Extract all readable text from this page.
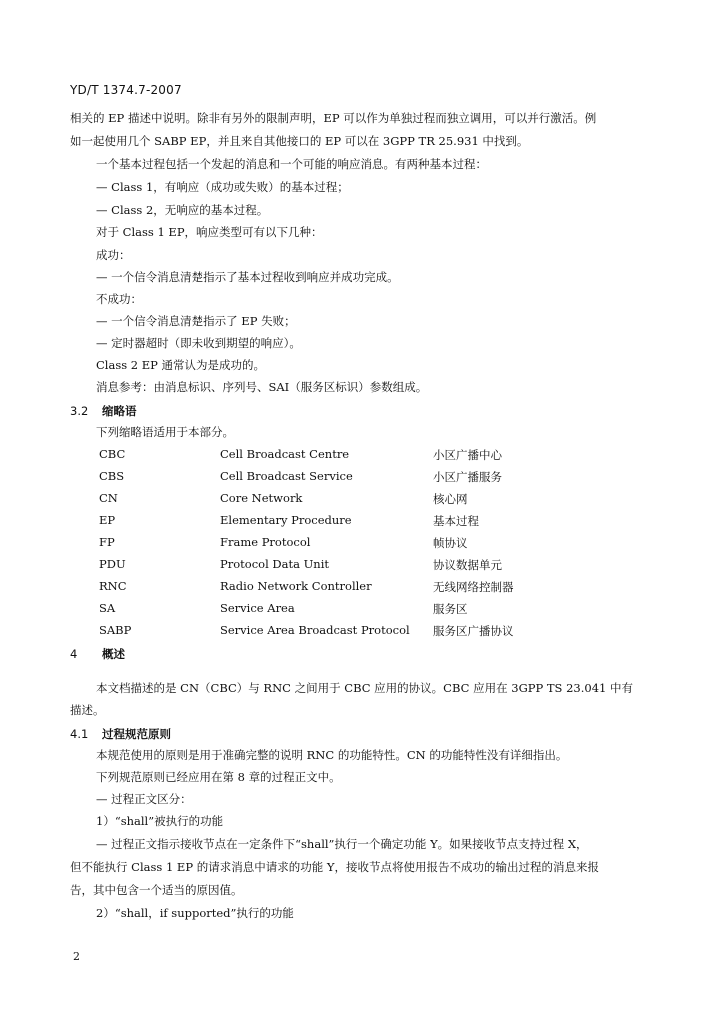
YD/T 1374.7-2007
相关的 EP 描述中说明。除非有另外的限制声明，EP 可以作为单独过程而独立调用，可以并行激活。例
如一起使用几个 SABP EP，并且来自其他接口的 EP 可以在 3GPP TR 25.931 中找到。
一个基本过程包括一个发起的消息和一个可能的响应消息。有两种基本过程：
— Class 1，有响应（成功或失败）的基本过程；
— Class 2，无响应的基本过程。
对于 Class 1 EP，响应类型可有以下几种：
成功：
— 一个信令消息清楚指示了基本过程收到响应并成功完成。
不成功：
— 一个信令消息清楚指示了 EP 失败；
— 定时器超时（即未收到期望的响应）。
Class 2 EP 通常认为是成功的。
消息参考：由消息标识、序列号、SAI（服务区标识）参数组成。
3.2 缩略语
下列缩略语适用于本部分。
CBC	Cell Broadcast Centre	小区广播中心
CBS	Cell Broadcast Service	小区广播服务
CN	Core Network	核心网
EP	Elementary Procedure	基本过程
FP	Frame Protocol	帧协议
PDU	Protocol Data Unit	协议数据单元
RNC	Radio Network Controller	无线网络控制器
SA	Service Area	服务区
SABP	Service Area Broadcast Protocol 服务区广播协议
4 概述
本文档描述的是 CN（CBC）与 RNC 之间用于 CBC 应用的协议。CBC 应用在 3GPP TS 23.041 中有
描述。
4.1 过程规范原则
本规范使用的原则是用于准确完整的说明 RNC 的功能特性。CN 的功能特性没有详细指出。
下列规范原则已经应用在第 8 章的过程正文中。
— 过程正文区分：
1）“shall”被执行的功能
— 过程正文指示接收节点在一定条件下“shall”执行一个确定功能 Y。如果接收节点支持过程 X，
但不能执行 Class 1 EP 的请求消息中请求的功能 Y，接收节点将使用报告不成功的输出过程的消息来报
告，其中包含一个适当的原因值。
2）“shall，if supported”执行的功能
2
